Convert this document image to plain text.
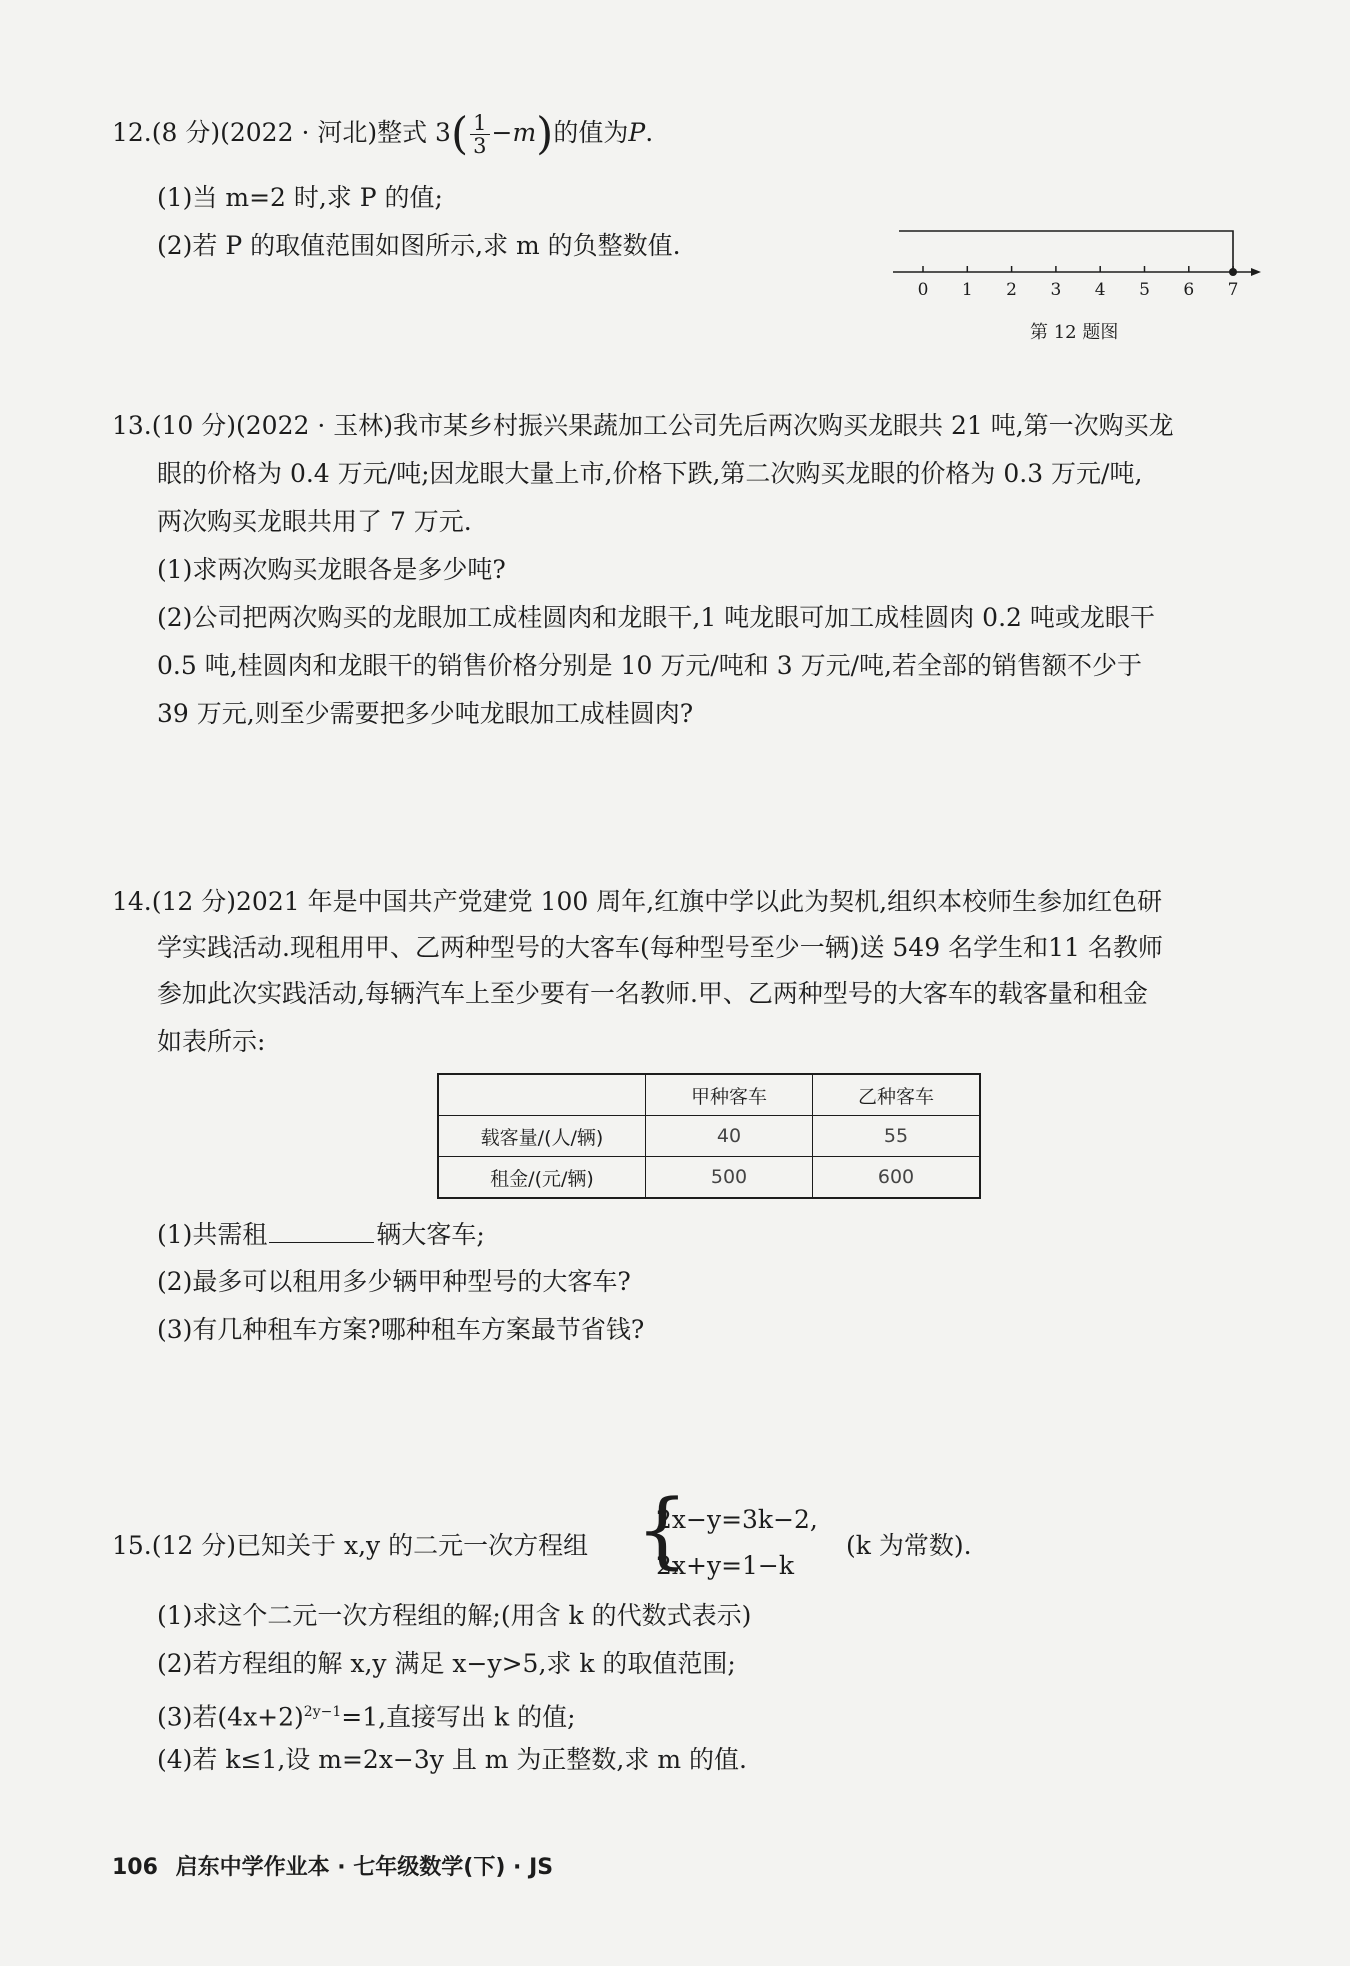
12.(8 分)(2022 · 河北)整式 $3( \frac{1}{3} -m)$的值为P.
(1)当 m=2 时,求 P 的值;
(2)若 P 的取值范围如图所示,求 m 的负整数值.
0 1 2 3 4 5 6 7
第 12 题图
13.(10 分)(2022 · 玉林)我市某乡村振兴果蔬加工公司先后两次购买龙眼共 21 吨,第一次购买龙
眼的价格为 0.4 万元/吨;因龙眼大量上市,价格下跌,第二次购买龙眼的价格为 0.3 万元/吨,
两次购买龙眼共用了 7 万元.
(1)求两次购买龙眼各是多少吨?
(2)公司把两次购买的龙眼加工成桂圆肉和龙眼干,1 吨龙眼可加工成桂圆肉 0.2 吨或龙眼干
0.5 吨,桂圆肉和龙眼干的销售价格分别是 10 万元/吨和 3 万元/吨,若全部的销售额不少于
39 万元,则至少需要把多少吨龙眼加工成桂圆肉?
14.(12 分)2021 年是中国共产党建党 100 周年,红旗中学以此为契机,组织本校师生参加红色研
学实践活动.现租用甲、乙两种型号的大客车(每种型号至少一辆)送 549 名学生和11 名教师
参加此次实践活动,每辆汽车上至少要有一名教师.甲、乙两种型号的大客车的载客量和租金
如表所示:
	甲种客车	乙种客车
载客量/(人/辆)	40	55
租金/(元/辆)	500	600
(1)共需租	辆大客车;
(2)最多可以租用多少辆甲种型号的大客车?
(3)有几种租车方案?哪种租车方案最节省钱?
15.(12 分)已知关于 x,y 的二元一次方程组 {
2x−y=3k−2,
2x+y=1−k
(k 为常数).
(1)求这个二元一次方程组的解;(用含 k 的代数式表示)
(2)若方程组的解 x,y 满足 x−y>5,求 k 的取值范围;
(3)若$(4x+2)^{2y-1}=1$,直接写出 k 的值;
(4)若 k≤1,设 m=2x−3y 且 m 为正整数,求 m 的值.
106 启东中学作业本 · 七年级数学(下) · JS
